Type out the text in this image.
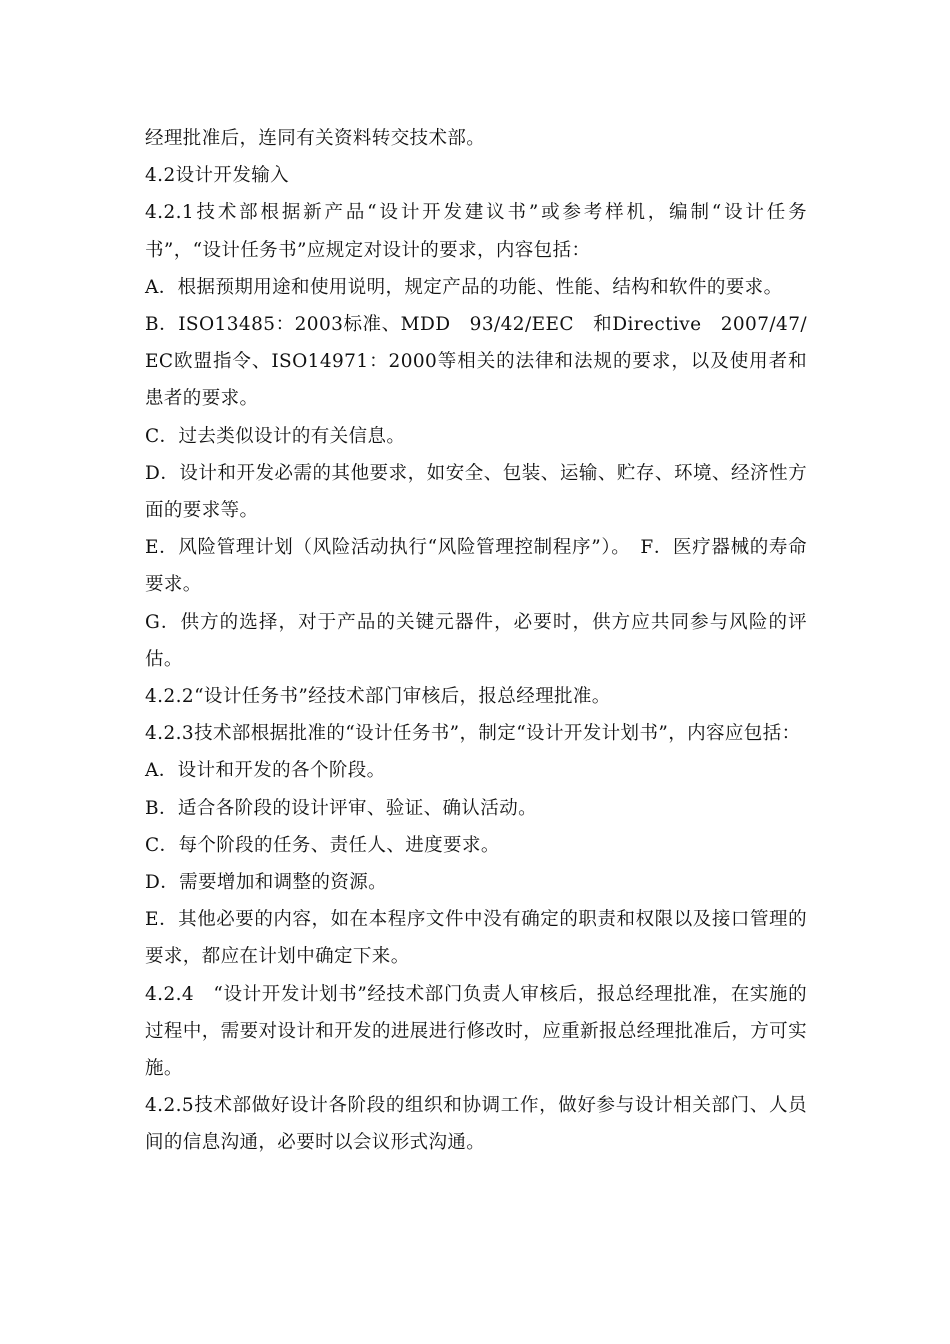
经理批准后，连同有关资料转交技术部。

4.2设计开发输入

4.2.1技术部根据新产品“设计开发建议书”或参考样机，编制“设计任务书”，“设计任务书”应规定对设计的要求，内容包括：

A．根据预期用途和使用说明，规定产品的功能、性能、结构和软件的要求。

B．ISO13485：2003标准、MDD　93/42/EEC　和Directive　2007/47/EC欧盟指令、ISO14971：2000等相关的法律和法规的要求，以及使用者和患者的要求。

C．过去类似设计的有关信息。

D．设计和开发必需的其他要求，如安全、包装、运输、贮存、环境、经济性方面的要求等。

E．风险管理计划（风险活动执行“风险管理控制程序”）。　F．医疗器械的寿命要求。

G．供方的选择，对于产品的关键元器件，必要时，供方应共同参与风险的评估。

4.2.2“设计任务书”经技术部门审核后，报总经理批准。

4.2.3技术部根据批准的“设计任务书”，制定“设计开发计划书”，内容应包括：

A．设计和开发的各个阶段。

B．适合各阶段的设计评审、验证、确认活动。

C．每个阶段的任务、责任人、进度要求。

D．需要增加和调整的资源。

E．其他必要的内容，如在本程序文件中没有确定的职责和权限以及接口管理的要求，都应在计划中确定下来。

4.2.4　“设计开发计划书”经技术部门负责人审核后，报总经理批准，在实施的过程中，需要对设计和开发的进展进行修改时，应重新报总经理批准后，方可实施。

4.2.5技术部做好设计各阶段的组织和协调工作，做好参与设计相关部门、人员间的信息沟通，必要时以会议形式沟通。
